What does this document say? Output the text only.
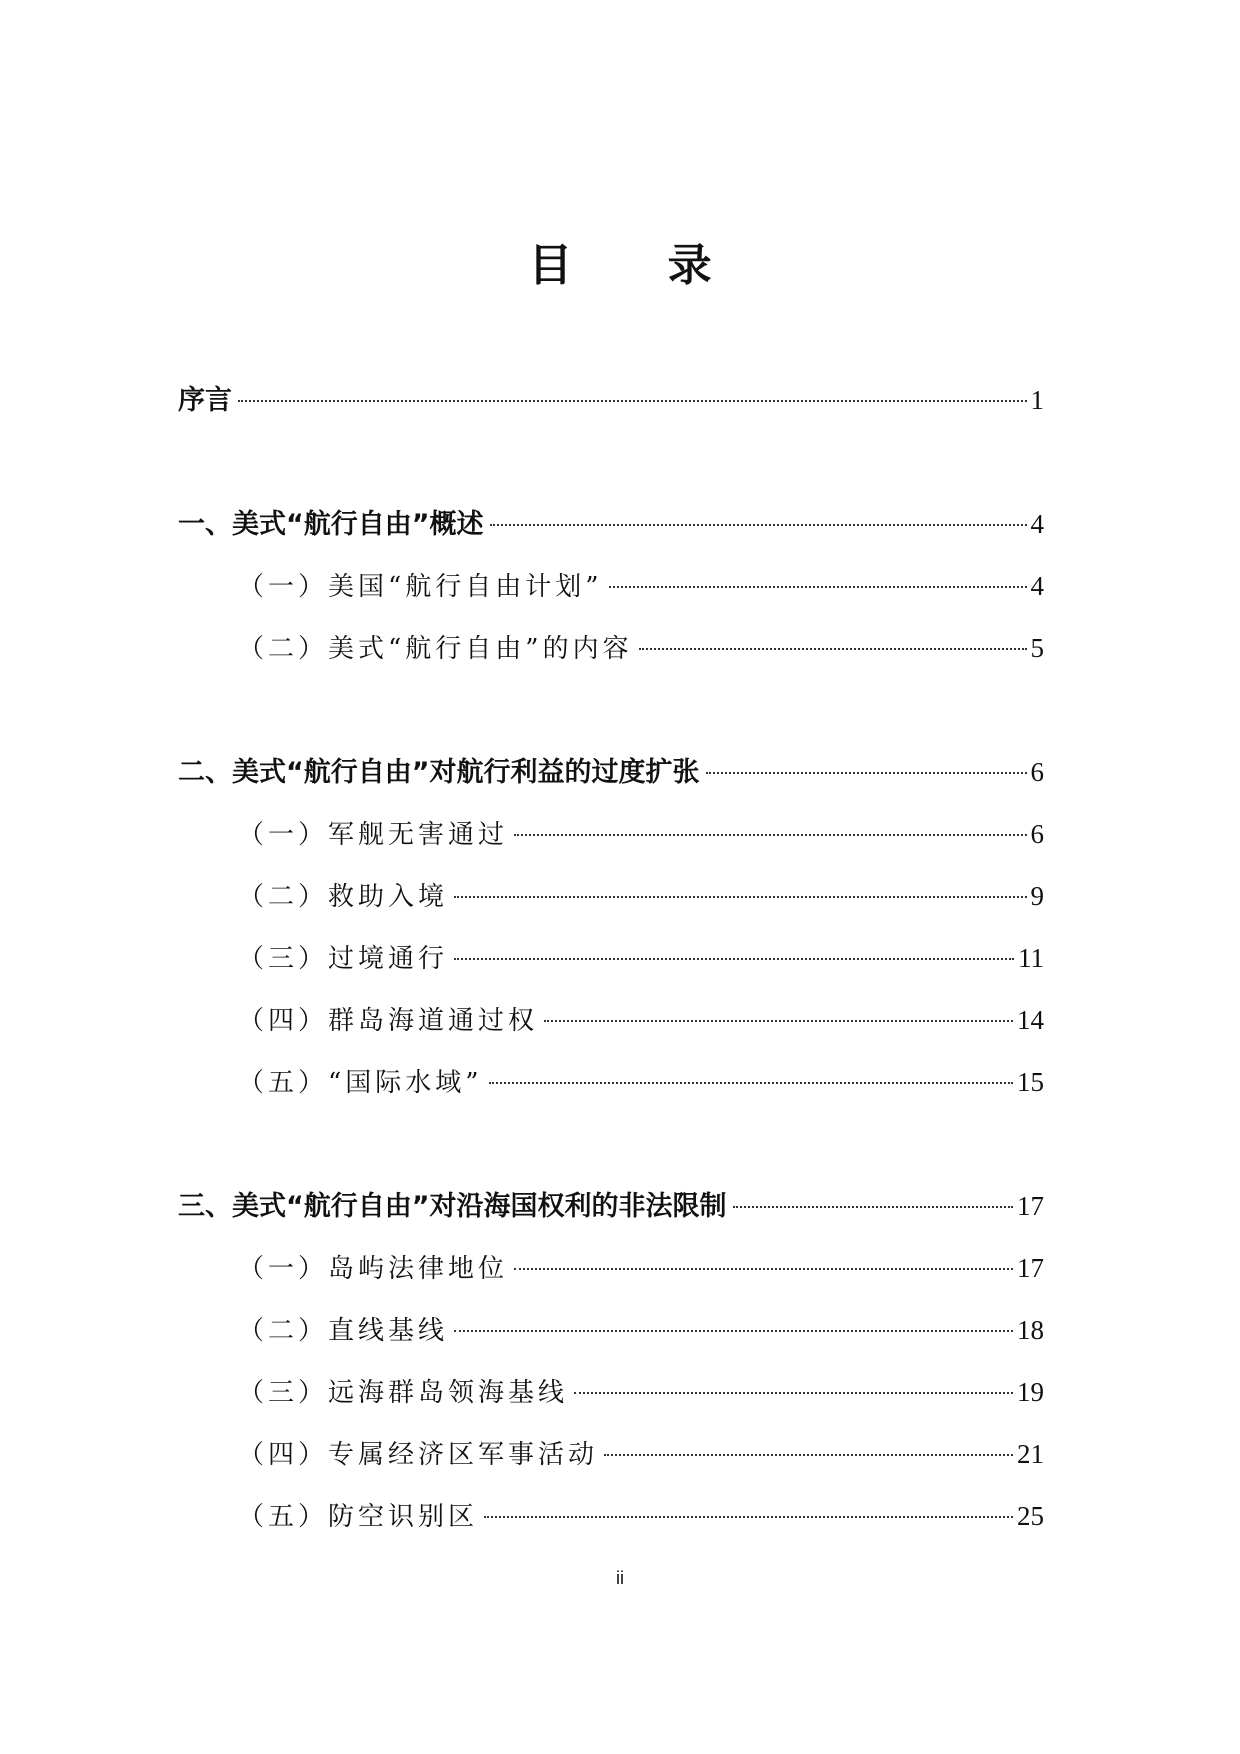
目 录
序言	1
一、美式“航行自由”概述	4
（一）美国“航行自由计划”	4
（二）美式“航行自由”的内容	5
二、美式“航行自由”对航行利益的过度扩张	6
（一）军舰无害通过	6
（二）救助入境	9
（三）过境通行	11
（四）群岛海道通过权	14
（五）“国际水域”	15
三、美式“航行自由”对沿海国权利的非法限制	17
（一）岛屿法律地位	17
（二）直线基线	18
（三）远海群岛领海基线	19
（四）专属经济区军事活动	21
（五）防空识别区	25
ii
